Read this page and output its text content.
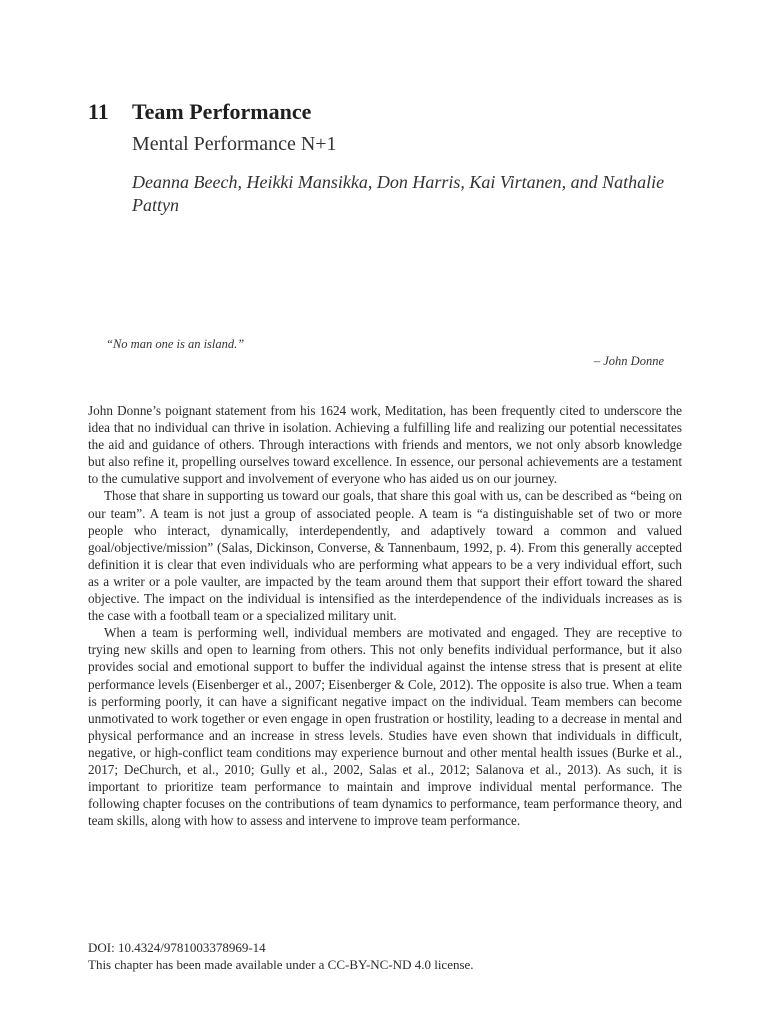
11 Team Performance
Mental Performance N+1
Deanna Beech, Heikki Mansikka, Don Harris, Kai Virtanen, and Nathalie Pattyn
“No man one is an island.”
– John Donne

John Donne’s poignant statement from his 1624 work, Meditation, has been frequently cited to underscore the idea that no individual can thrive in isolation. Achieving a fulfilling life and realizing our potential necessitates the aid and guidance of others. Through interactions with friends and mentors, we not only absorb knowledge but also refine it, propelling ourselves toward excellence. In essence, our personal achievements are a testament to the cumulative support and involvement of everyone who has aided us on our journey.

Those that share in supporting us toward our goals, that share this goal with us, can be described as “being on our team”. A team is not just a group of associated people. A team is “a distinguishable set of two or more people who interact, dynamically, interdependently, and adaptively toward a common and valued goal/objective/mission” (Salas, Dickinson, Converse, & Tannenbaum, 1992, p. 4). From this generally accepted definition it is clear that even individuals who are performing what appears to be a very individual effort, such as a writer or a pole vaulter, are impacted by the team around them that support their effort toward the shared objective. The impact on the individual is intensified as the interdependence of the individuals increases as is the case with a football team or a specialized military unit.

When a team is performing well, individual members are motivated and engaged. They are receptive to trying new skills and open to learning from others. This not only benefits individual performance, but it also provides social and emotional support to buffer the individual against the intense stress that is present at elite performance levels (Eisenberger et al., 2007; Eisenberger & Cole, 2012). The opposite is also true. When a team is performing poorly, it can have a significant negative impact on the individual. Team members can become unmotivated to work together or even engage in open frustration or hostility, leading to a decrease in mental and physical performance and an increase in stress levels. Studies have even shown that individuals in difficult, negative, or high-conflict team conditions may experience burnout and other mental health issues (Burke et al., 2017; DeChurch, et al., 2010; Gully et al., 2002, Salas et al., 2012; Salanova et al., 2013). As such, it is important to prioritize team performance to maintain and improve individual mental performance. The following chapter focuses on the contributions of team dynamics to performance, team performance theory, and team skills, along with how to assess and intervene to improve team performance.

DOI: 10.4324/9781003378969-14
This chapter has been made available under a CC-BY-NC-ND 4.0 license.
